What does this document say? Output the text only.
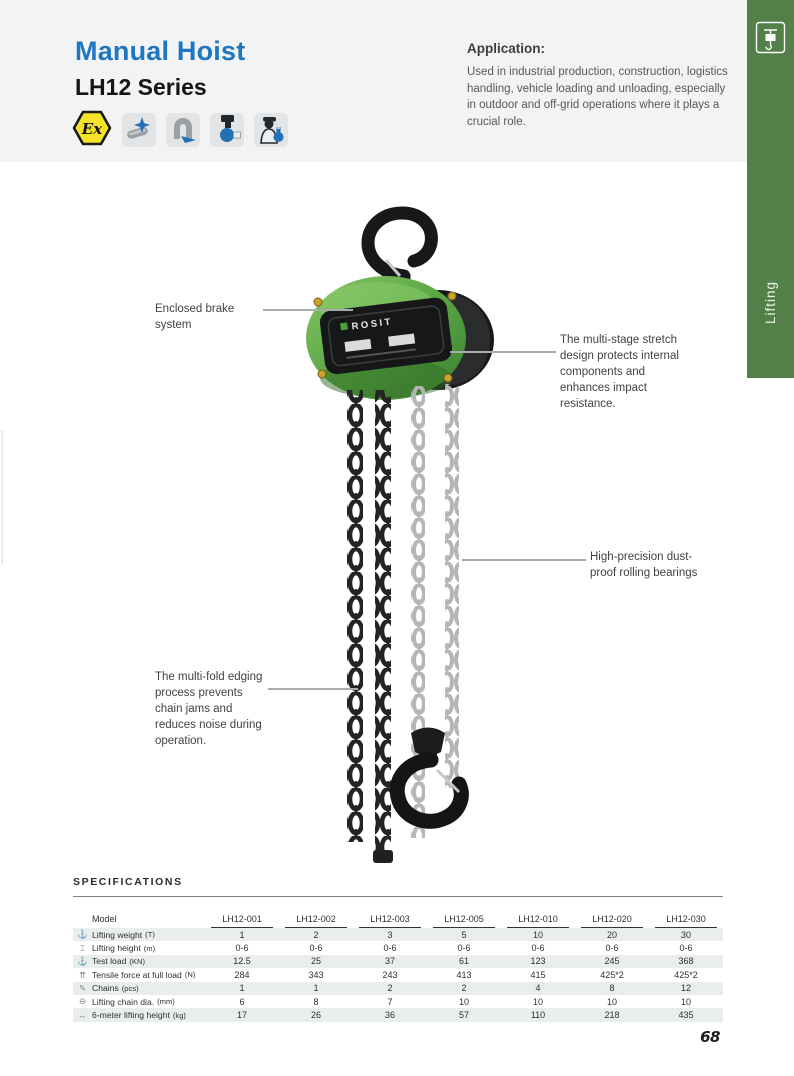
Manual Hoist
LH12 Series
Ex

Application:

Used in industrial production, construction, logistics handling, vehicle loading and unloading, especially in outdoor and off-grid operations where it plays a crucial role.

Lifting
ROSIT
Enclosed brake system
The multi-stage stretch design protects internal components and enhances impact resistance.
High-precision dust-proof rolling bearings
The multi-fold edging process prevents chain jams and reduces noise during operation.
SPECIFICATIONS
Model	LH12-001	LH12-002	LH12-003	LH12-005	LH12-010	LH12-020	LH12-030
⚓ Lifting weight (T)	1	2	3	5	10	20	30
⌶ Lifting height (m)	0-6	0-6	0-6	0-6	0-6	0-6	0-6
⚓ Test load (KN)	12.5	25	37	61	123	245	368
⇈ Tensile force at full load (N)	284	343	243	413	415	425*2	425*2
✎ Chains (pcs)	1	1	2	2	4	8	12
⊖ Lifting chain dia. (mm)	6	8	7	10	10	10	10
↔ 6-meter lifting height (kg)	17	26	36	57	110	218	435
68
